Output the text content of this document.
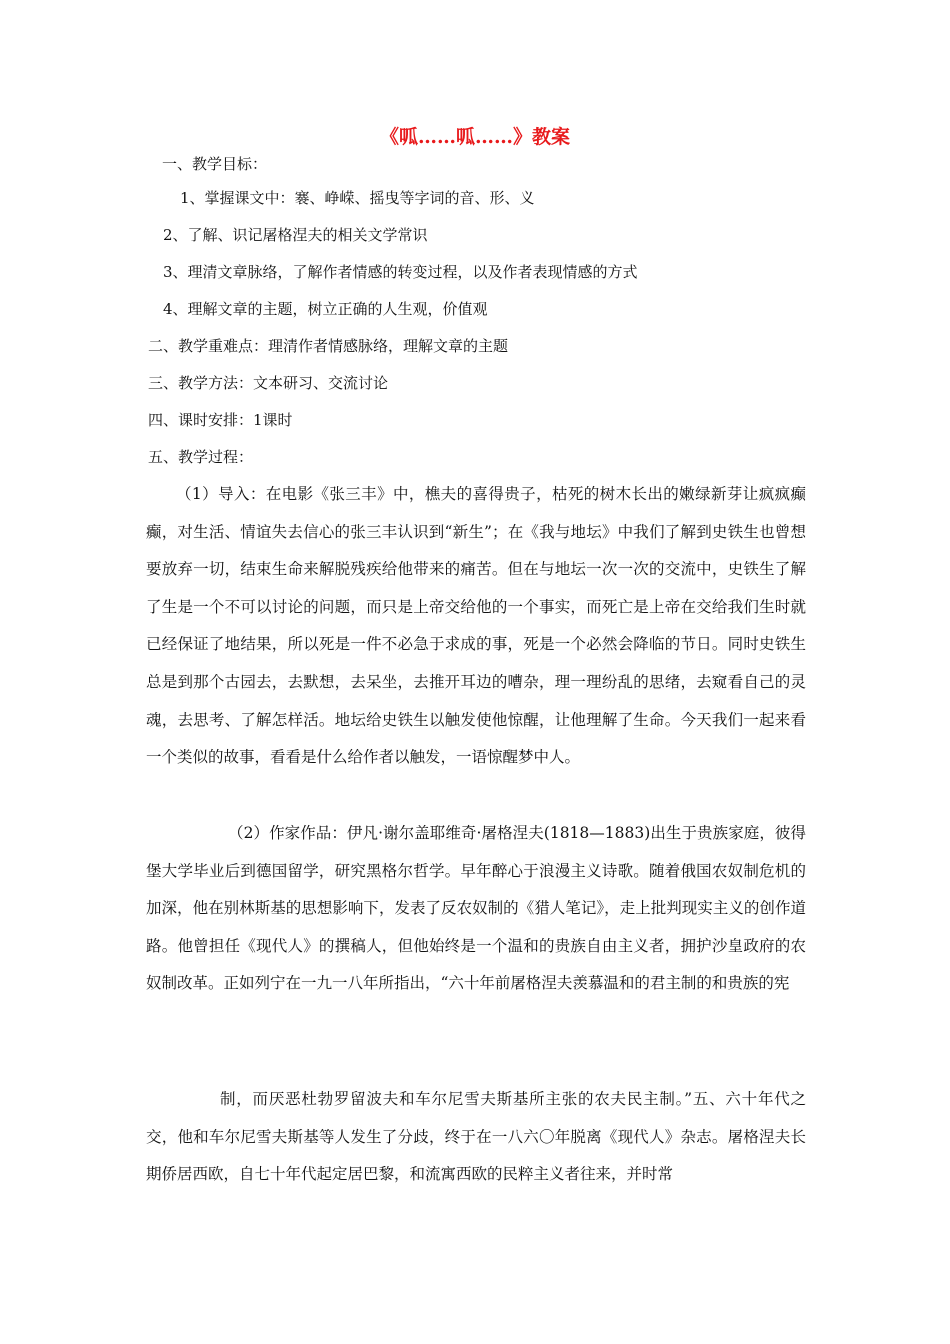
《呱……呱……》教案
一、教学目标：
1、掌握课文中：褰、峥嵘、摇曳等字词的音、形、义
2、了解、识记屠格涅夫的相关文学常识
3、理清文章脉络，了解作者情感的转变过程，以及作者表现情感的方式
4、理解文章的主题，树立正确的人生观，价值观
二、教学重难点：理清作者情感脉络，理解文章的主题
三、教学方法：文本研习、交流讨论
四、课时安排：1课时
五、教学过程：
（1）导入：在电影《张三丰》中，樵夫的喜得贵子，枯死的树木长出的嫩绿新芽让疯疯癫癫，对生活、情谊失去信心的张三丰认识到“新生”；在《我与地坛》中我们了解到史铁生也曾想要放弃一切，结束生命来解脱残疾给他带来的痛苦。但在与地坛一次一次的交流中，史铁生了解了生是一个不可以讨论的问题，而只是上帝交给他的一个事实，而死亡是上帝在交给我们生时就已经保证了地结果，所以死是一件不必急于求成的事，死是一个必然会降临的节日。同时史铁生总是到那个古园去，去默想，去呆坐，去推开耳边的嘈杂，理一理纷乱的思绪，去窥看自己的灵魂，去思考、了解怎样活。地坛给史铁生以触发使他惊醒，让他理解了生命。今天我们一起来看一个类似的故事，看看是什么给作者以触发，一语惊醒梦中人。
（2）作家作品：伊凡·谢尔盖耶维奇·屠格涅夫(1818—1883)出生于贵族家庭，彼得堡大学毕业后到德国留学，研究黑格尔哲学。早年醉心于浪漫主义诗歌。随着俄国农奴制危机的加深，他在别林斯基的思想影响下，发表了反农奴制的《猎人笔记》，走上批判现实主义的创作道路。他曾担任《现代人》的撰稿人，但他始终是一个温和的贵族自由主义者，拥护沙皇政府的农奴制改革。正如列宁在一九一八年所指出，“六十年前屠格涅夫羡慕温和的君主制的和贵族的宪
制，而厌恶杜勃罗留波夫和车尔尼雪夫斯基所主张的农夫民主制。”五、六十年代之交，他和车尔尼雪夫斯基等人发生了分歧，终于在一八六〇年脱离《现代人》杂志。屠格涅夫长期侨居西欧，自七十年代起定居巴黎，和流寓西欧的民粹主义者往来，并时常
